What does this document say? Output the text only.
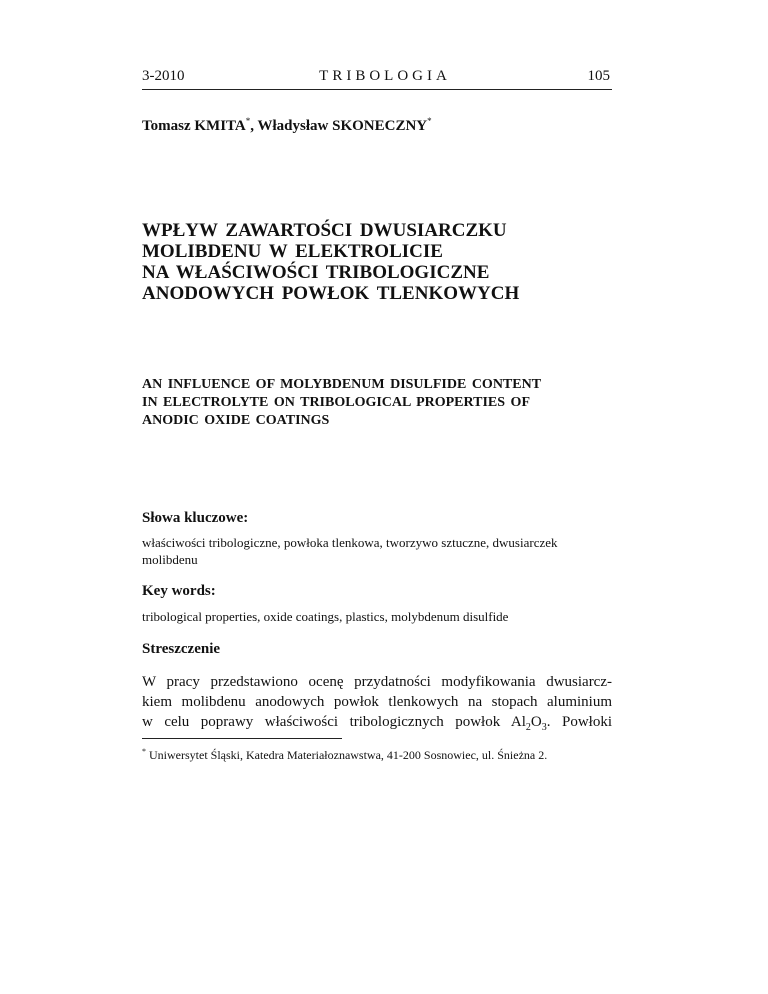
3-2010	TRIBOLOGIA	105
Tomasz KMITA*, Władysław SKONECZNY*
WPŁYW ZAWARTOŚCI DWUSIARCZKU
MOLIBDENU W ELEKTROLICIE
NA WŁAŚCIWOŚCI TRIBOLOGICZNE
ANODOWYCH POWŁOK TLENKOWYCH
AN INFLUENCE OF MOLYBDENUM DISULFIDE CONTENT
IN ELECTROLYTE ON TRIBOLOGICAL PROPERTIES OF
ANODIC OXIDE COATINGS
Słowa kluczowe:
właściwości tribologiczne, powłoka tlenkowa, tworzywo sztuczne, dwusiarczek molibdenu
Key words:
tribological properties, oxide coatings, plastics, molybdenum disulfide
Streszczenie
W pracy przedstawiono ocenę przydatności modyfikowania dwusiarcz-
kiem molibdenu anodowych powłok tlenkowych na stopach aluminium
w celu poprawy właściwości tribologicznych powłok $Al_2O_3$. Powłoki
* Uniwersytet Śląski, Katedra Materiałoznawstwa, 41-200 Sosnowiec, ul. Śnieżna 2.
